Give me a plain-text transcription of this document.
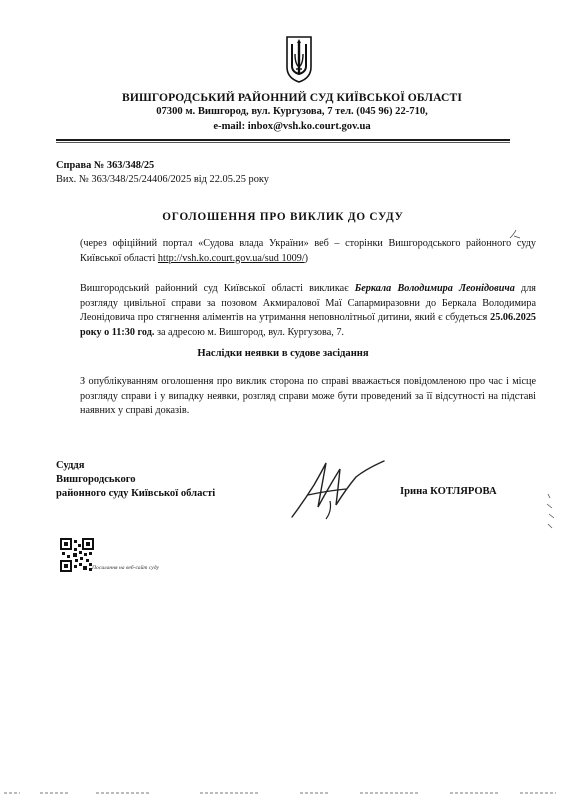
ВИШГОРОДСЬКИЙ РАЙОННИЙ СУД КИЇВСЬКОЇ ОБЛАСТІ
07300 м. Вишгород, вул. Кургузова, 7 тел. (045 96) 22-710,
e-mail: inbox@vsh.ko.court.gov.ua
Справа № 363/348/25
Вих. № 363/348/25/24406/2025 від 22.05.25 року
ОГОЛОШЕННЯ ПРО ВИКЛИК ДО СУДУ
(через офіційний портал «Судова влада України» веб – сторінки Вишгородського районного суду Київської області http://vsh.ko.court.gov.ua/sud 1009/)
Вишгородський районний суд Київської області викликає Беркала Володимира Леонідовича для розгляду цивільної справи за позовом Акмиралової Маї Сапармиразовни до Беркала Володимира Леонідовича про стягнення аліментів на утримання неповнолітньої дитини, який є сбудеться 25.06.2025 року о 11:30 год. за адресою м. Вишгород, вул. Кургузова, 7.
Наслідки неявки в судове засідання
З опублікуванням оголошення про виклик сторона по справі вважається повідомленою про час і місце розгляду справи і у випадку неявки, розгляд справи може бути проведений за її відсутності на підставі наявних у справі доказів.
Суддя
Вишгородського
районного суду Київської області	Ірина КОТЛЯРОВА
Посилання на веб-сайт суду
